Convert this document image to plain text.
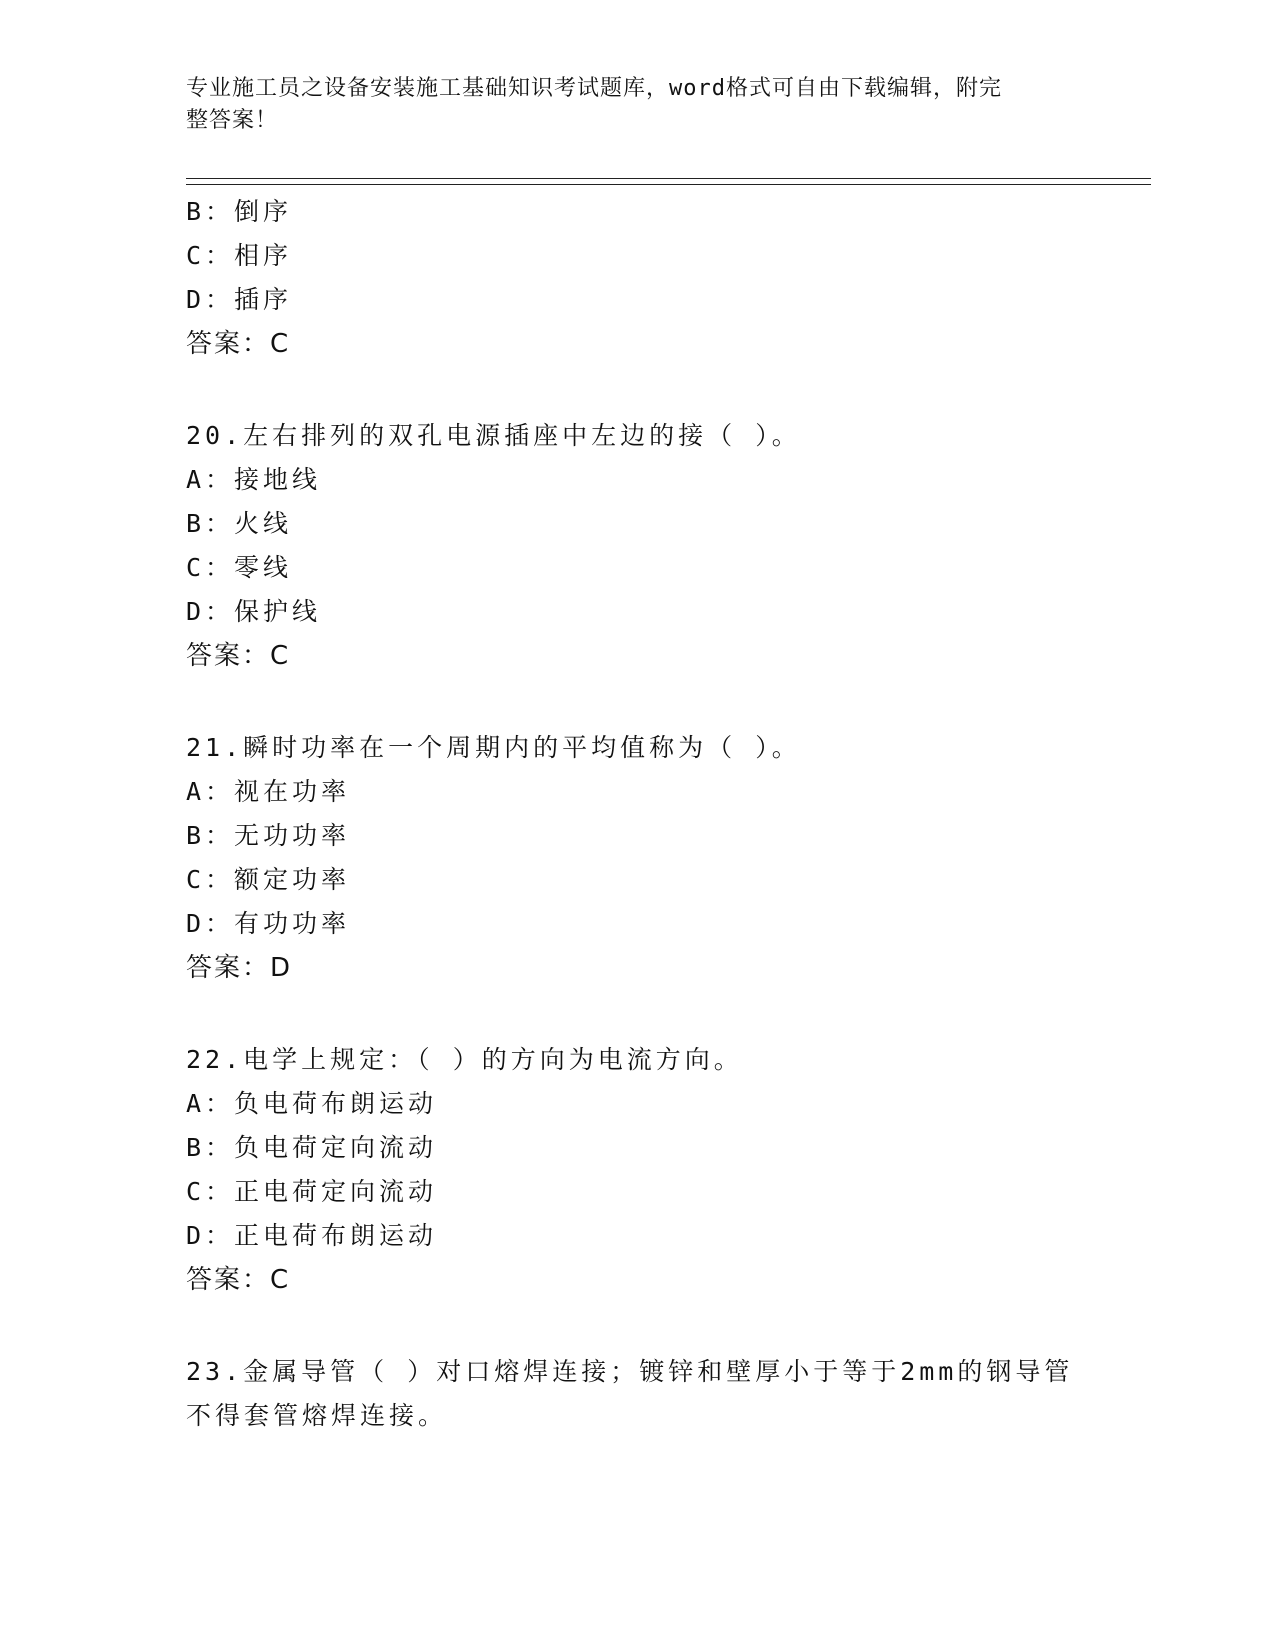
专业施工员之设备安装施工基础知识考试题库，word格式可自由下载编辑，附完
整答案！
B：倒序
C：相序
D：插序
答案：C
20.左右排列的双孔电源插座中左边的接（ ）。
A：接地线
B：火线
C：零线
D：保护线
答案：C
21.瞬时功率在一个周期内的平均值称为（ ）。
A：视在功率
B：无功功率
C：额定功率
D：有功功率
答案：D
22.电学上规定：（ ）的方向为电流方向。
A：负电荷布朗运动
B：负电荷定向流动
C：正电荷定向流动
D：正电荷布朗运动
答案：C
23.金属导管（ ）对口熔焊连接；镀锌和壁厚小于等于2mm的钢导管
不得套管熔焊连接。
